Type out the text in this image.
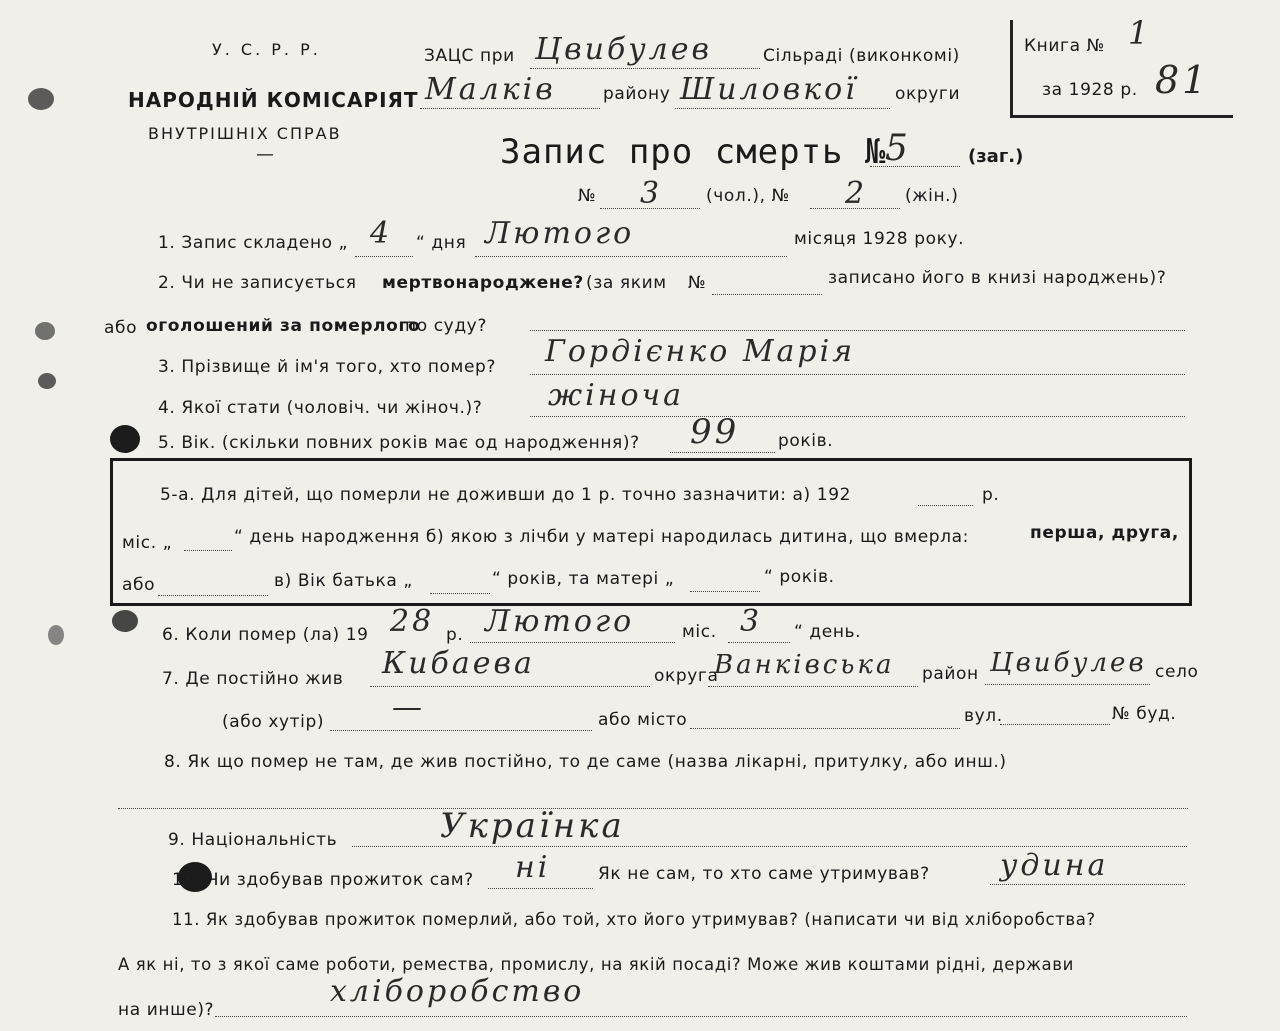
У. С. Р. Р.
НАРОДНІЙ КОМІСАРІЯТ
ВНУТРІШНІХ СПРАВ
—
ЗАЦС при Цвибулев	Сільраді (виконкомі)
Малків	району Шиловкої округи
Книга № 1
за 1928 р. 81
Запис про смерть №
5	(заг.)
№ 3	(чол.), № 2 (жін.)
1. Запис складено „ 4 “ дня Лютого	місяця 1928 року.
2. Чи не записується мертвонароджене? (за яким №	записано його в книзі народжень)?
або оголошений за померлого
по суду?
3. Прізвище й ім'я того, хто помер? Гордієнко Марія
4. Якої стати (чоловіч. чи жіноч.)? жіноча
5. Вік. (скільки повних років має од народження)? 99 років.
5-а. Для дітей, що померли не доживши до 1 р. точно зазначити: а) 192	р.
міс. „	“ день народження б) якою з лічби у матері народилась дитина, що вмерла:	перша, друга,
або	в) Вік батька „	“ років, та матері „	“ років.
6. Коли помер (ла) 19 28 р. Лютого	міс. 3 “ день.
7. Де постійно жив Кибаева	округа
Ванківська район Цвибулев село
(або хутір) —	або місто	вул.	№ буд.
8. Як що помер не там, де жив постійно, то де саме (назва лікарні, притулку, або инш.)
9. Національність	Українка
10. Чи здобував прожиток сам? ні	Як не сам, то хто саме утримував? удина
11. Як здобував прожиток померлий, або той, хто його утримував? (написати чи від хліборобства?
А як ні, то з якої саме роботи, ремества, промислу, на якій посаді? Може жив коштами рідні, держави
на инше)?
хліборобство
